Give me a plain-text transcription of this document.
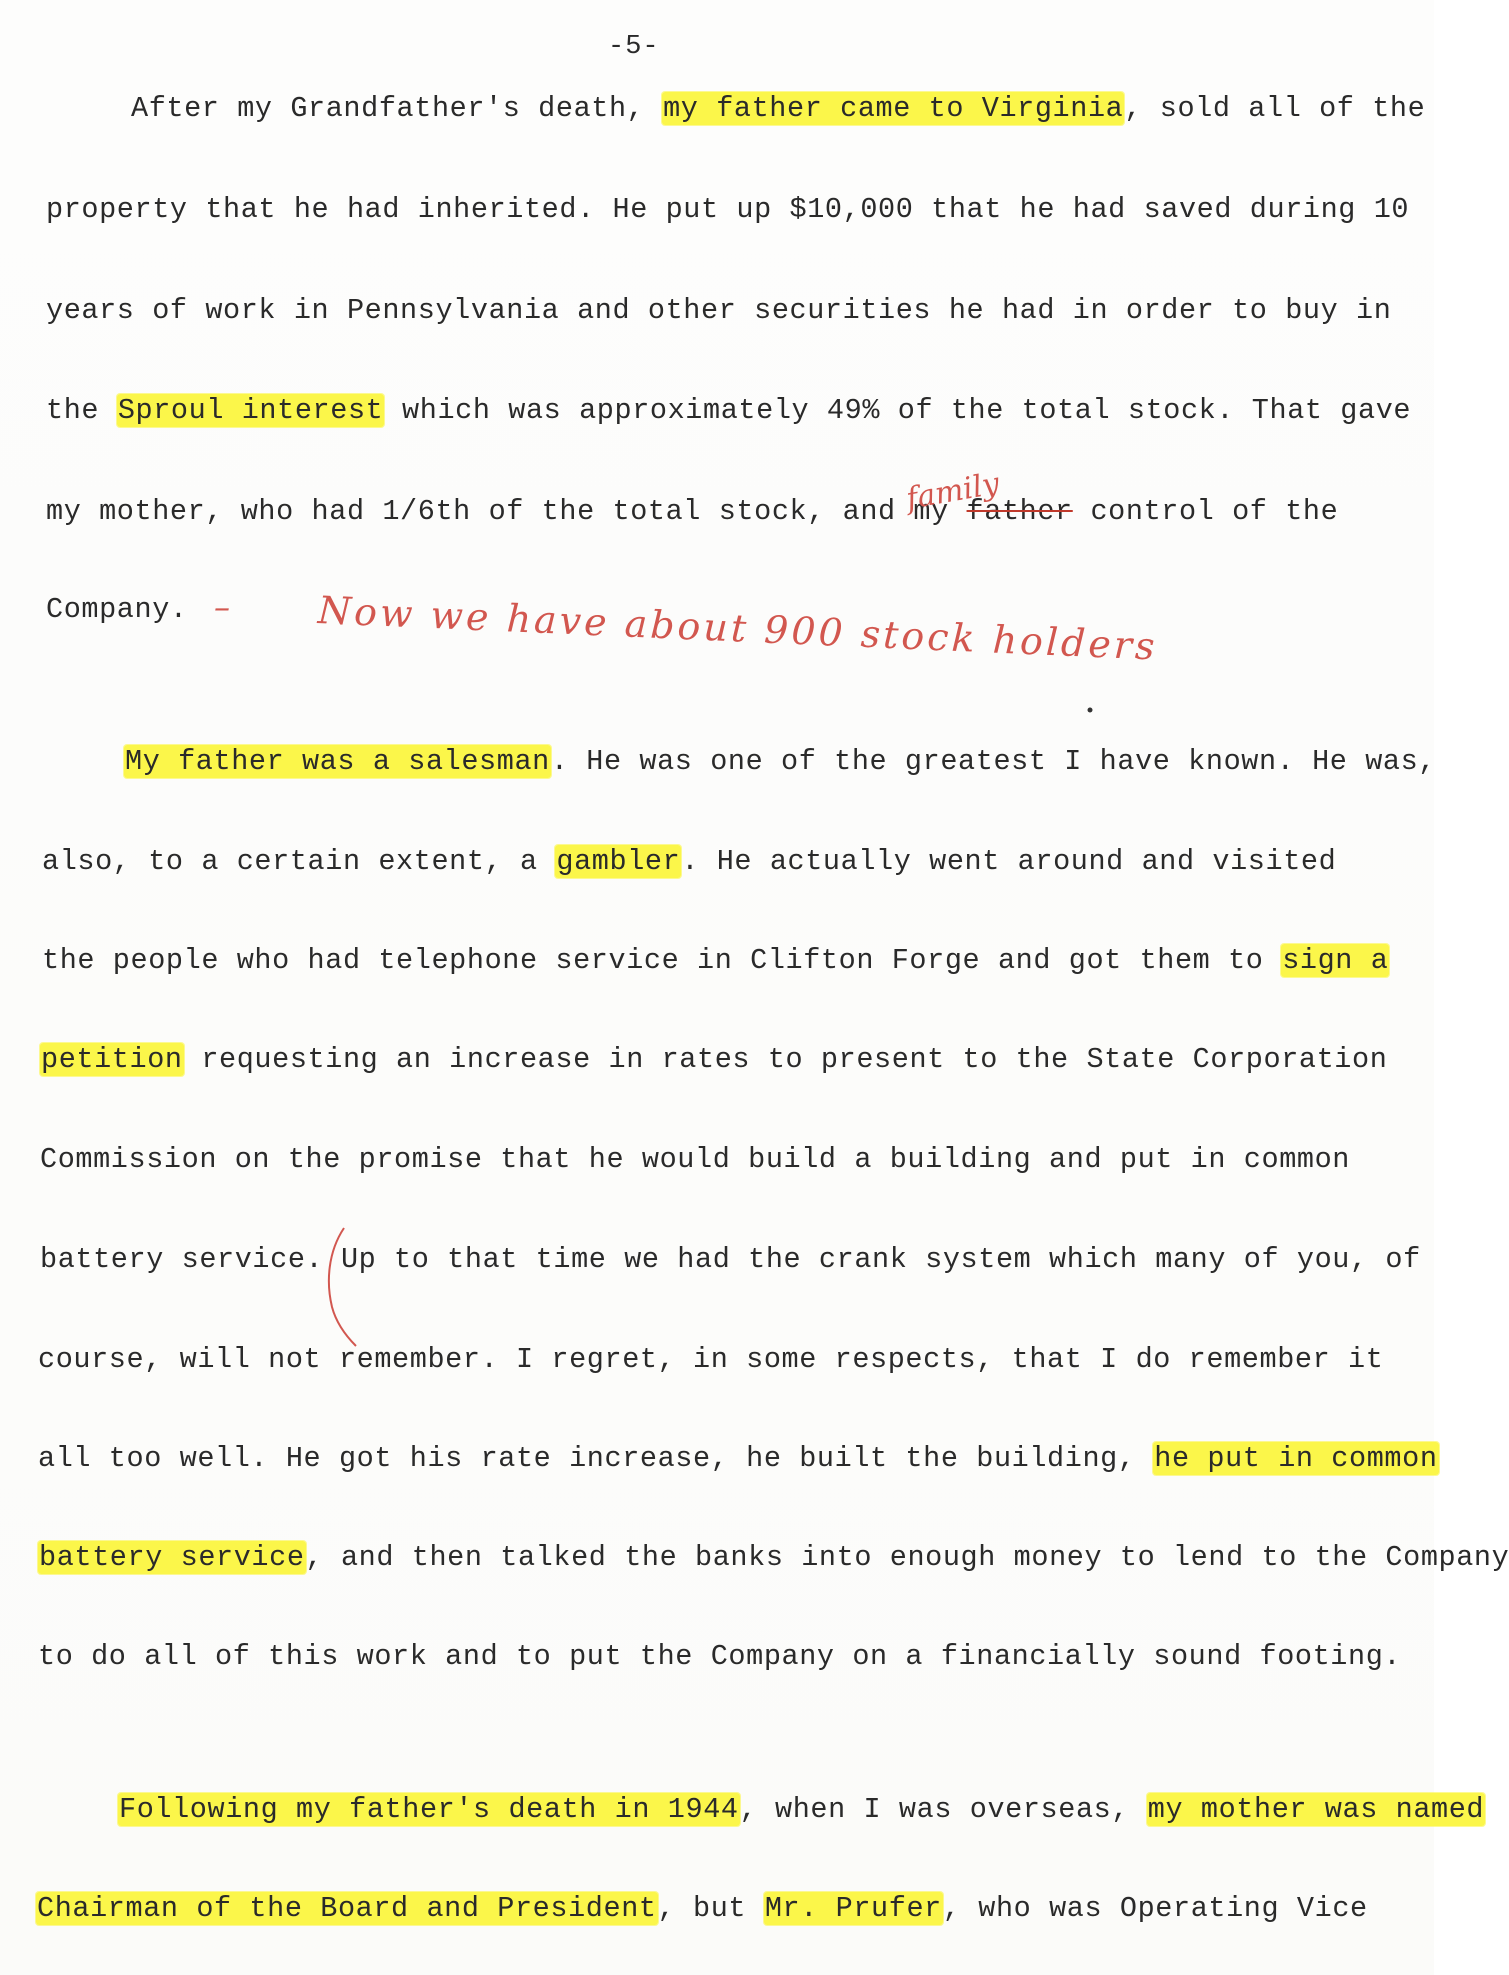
-5-
After my Grandfather's death, my father came to Virginia, sold all of the
property that he had inherited. He put up $10,000 that he had saved during 10
years of work in Pennsylvania and other securities he had in order to buy in
the Sproul interest which was approximately 49% of the total stock. That gave
my mother, who had 1/6th of the total stock, and my father control of the
family
Company. – Now we have about 900 stock holders
My father was a salesman. He was one of the greatest I have known. He was,
also, to a certain extent, a gambler. He actually went around and visited
the people who had telephone service in Clifton Forge and got them to sign a
petition requesting an increase in rates to present to the State Corporation
Commission on the promise that he would build a building and put in common
battery service. Up to that time we had the crank system which many of you, of
course, will not remember. I regret, in some respects, that I do remember it
all too well. He got his rate increase, he built the building, he put in common
battery service, and then talked the banks into enough money to lend to the Company
to do all of this work and to put the Company on a financially sound footing.
Following my father's death in 1944, when I was overseas, my mother was named
Chairman of the Board and President, but Mr. Prufer, who was Operating Vice
